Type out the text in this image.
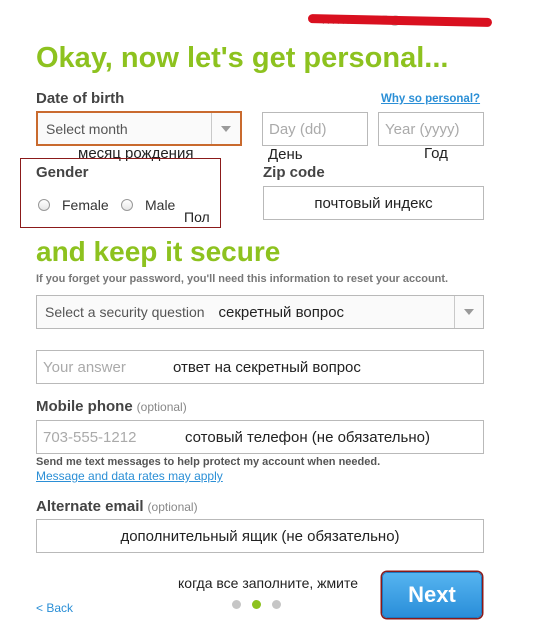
Okay, now let's get personal...
Date of birth	Why so personal?
Select month
Day (dd)
Year (yyyy)
месяц рождения	День	Год
Gender
Female	Male
Пол
Zip code
почтовый индекс
and keep it secure
If you forget your password, you'll need this information to reset your account.
Select a security question секретный вопрос
Your answer	ответ на секретный вопрос
Mobile phone (optional)
703-555-1212	сотовый телефон (не обязательно)
Send me text messages to help protect my account when needed.
Message and data rates may apply
Alternate email (optional)
дополнительный ящик (не обязательно)
когда все заполните, жмите
< Back
Next
